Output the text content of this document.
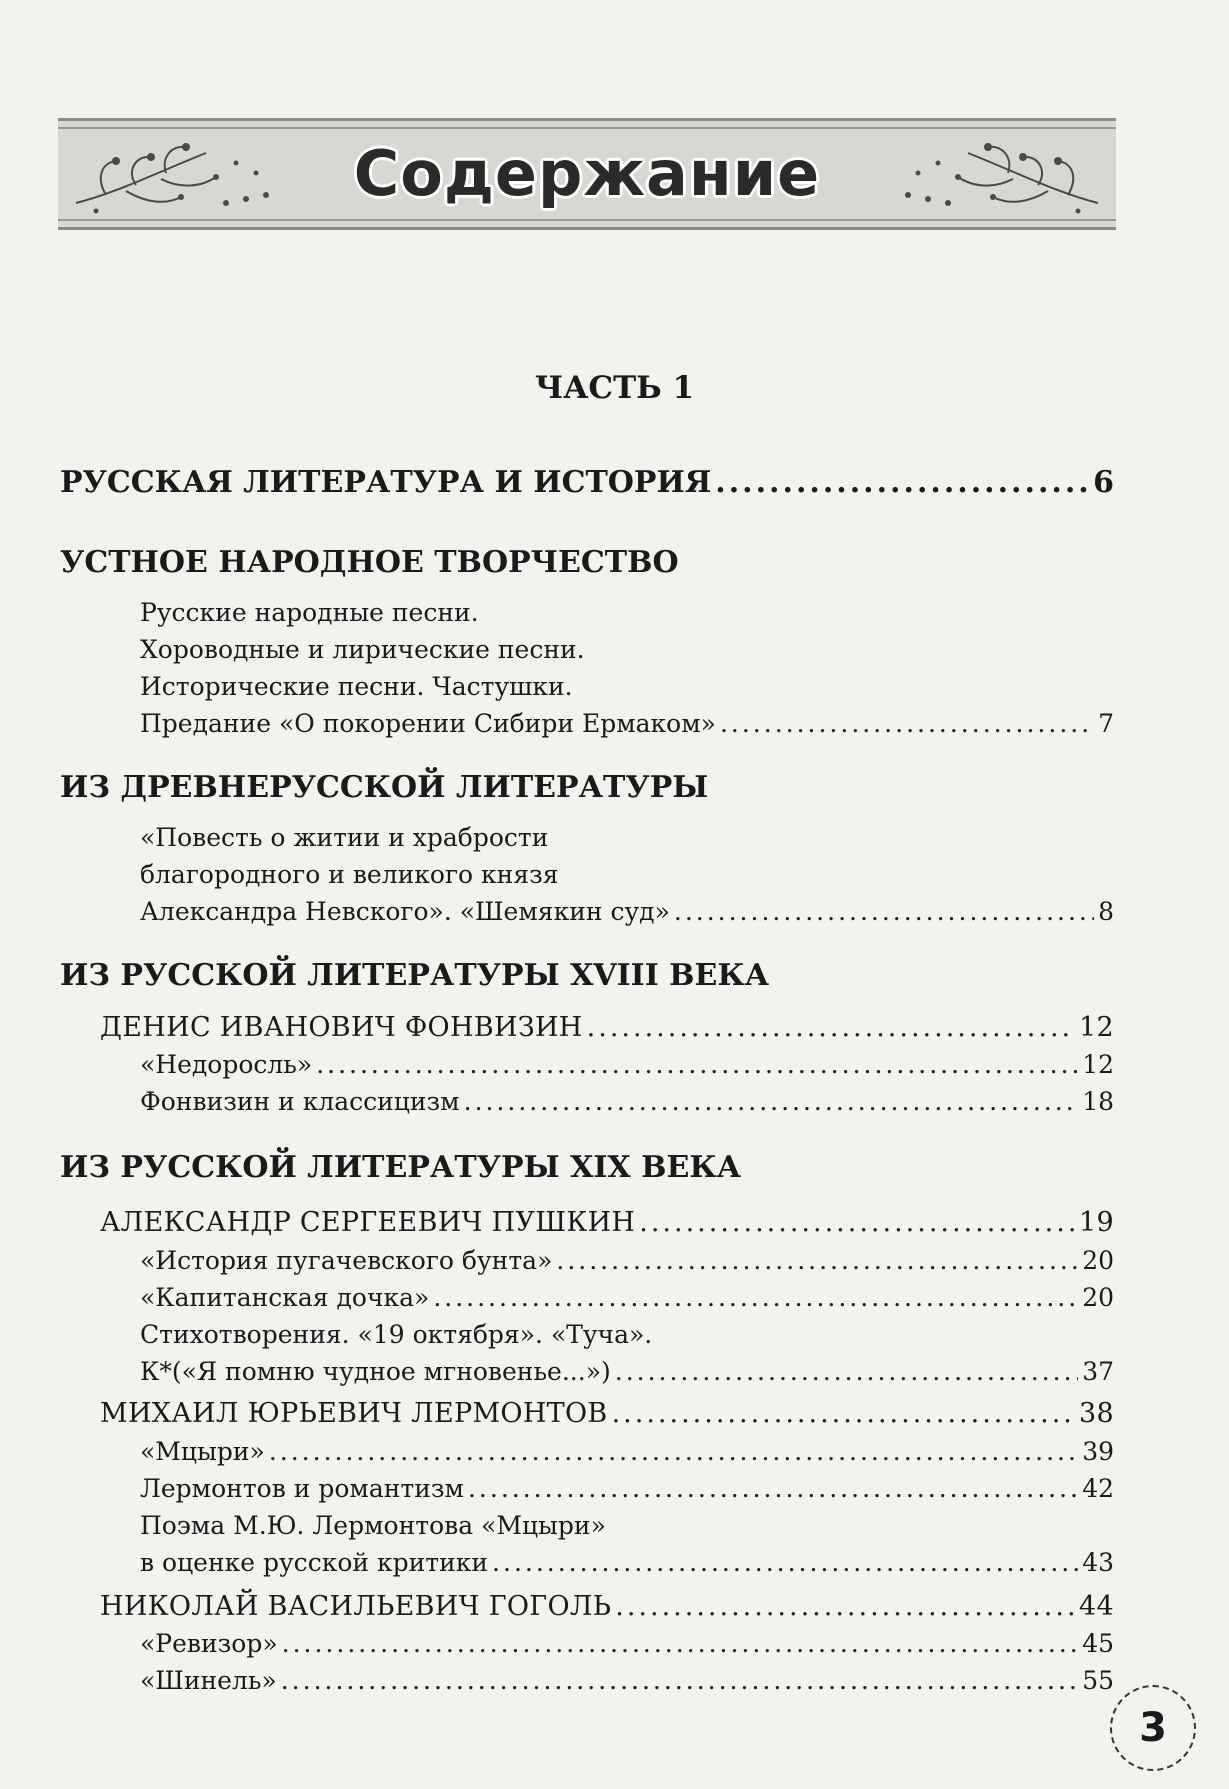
Содержание
ЧАСТЬ 1
РУССКАЯ ЛИТЕРАТУРА И ИСТОРИЯ .....	6
УСТНОЕ НАРОДНОЕ ТВОРЧЕСТВО
Русские народные песни.
Хороводные и лирические песни.
Исторические песни. Частушки.
Предание «О покорении Сибири Ермаком» .....	7
ИЗ ДРЕВНЕРУССКОЙ ЛИТЕРАТУРЫ
«Повесть о житии и храбрости
благородного и великого князя
Александра Невского». «Шемякин суд» .....	8
ИЗ РУССКОЙ ЛИТЕРАТУРЫ XVIII ВЕКА
ДЕНИС ИВАНОВИЧ ФОНВИЗИН .....	12
«Недоросль» .....	12
Фонвизин и классицизм .....	18
ИЗ РУССКОЙ ЛИТЕРАТУРЫ XIX ВЕКА
АЛЕКСАНДР СЕРГЕЕВИЧ ПУШКИН .....	19
«История пугачевского бунта» .....	20
«Капитанская дочка» .....	20
Стихотворения. «19 октября». «Туча».
К*(«Я помню чудное мгновенье...») .....	37
МИХАИЛ ЮРЬЕВИЧ ЛЕРМОНТОВ .....	38
«Мцыри» .....	39
Лермонтов и романтизм .....	42
Поэма М.Ю. Лермонтова «Мцыри»
в оценке русской критики .....	43
НИКОЛАЙ ВАСИЛЬЕВИЧ ГОГОЛЬ .....	44
«Ревизор» .....	45
«Шинель» .....	55
3
